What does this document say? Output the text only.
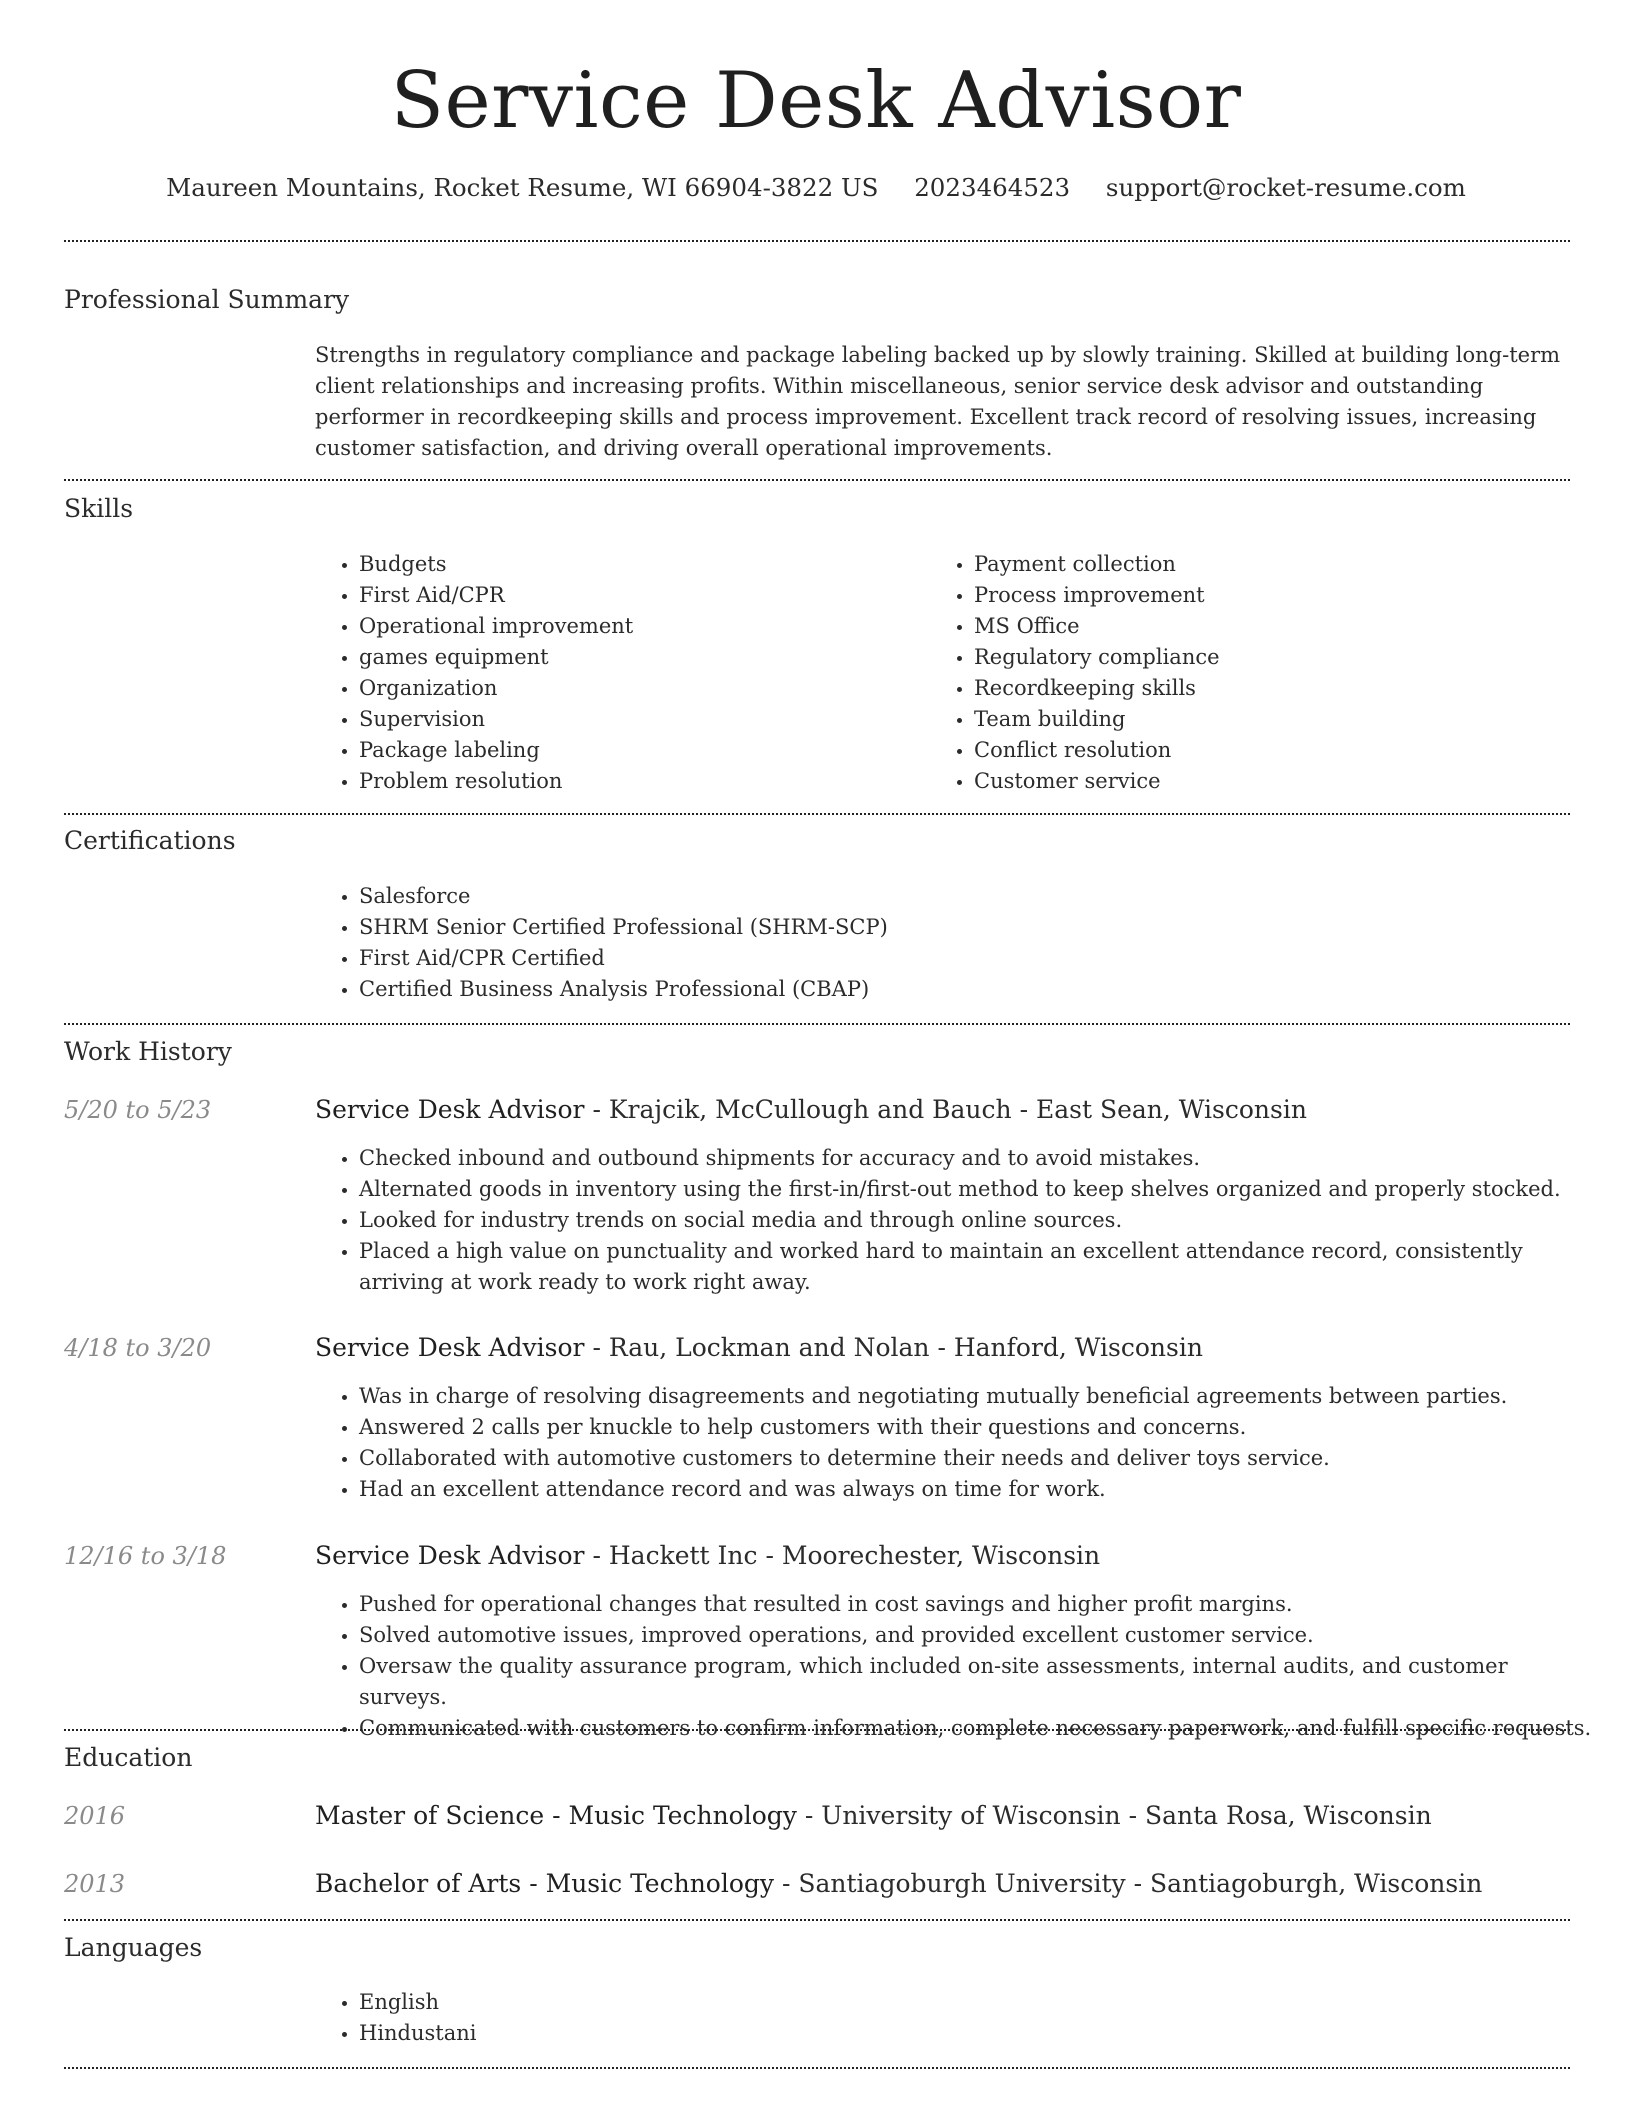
Service Desk Advisor
Maureen Mountains, Rocket Resume, WI 66904-3822 US 2023464523 support@rocket-resume.com
Professional Summary
Strengths in regulatory compliance and package labeling backed up by slowly training. Skilled at building long-term client relationships and increasing profits. Within miscellaneous, senior service desk advisor and outstanding performer in recordkeeping skills and process improvement. Excellent track record of resolving issues, increasing customer satisfaction, and driving overall operational improvements.
Skills
• Budgets
• First Aid/CPR
• Operational improvement
• games equipment
• Organization
• Supervision
• Package labeling
• Problem resolution
• Payment collection
• Process improvement
• MS Office
• Regulatory compliance
• Recordkeeping skills
• Team building
• Conflict resolution
• Customer service
Certifications
• Salesforce
• SHRM Senior Certified Professional (SHRM-SCP)
• First Aid/CPR Certified
• Certified Business Analysis Professional (CBAP)
Work History
5/20 to 5/23	Service Desk Advisor - Krajcik, McCullough and Bauch - East Sean, Wisconsin
• Checked inbound and outbound shipments for accuracy and to avoid mistakes.
• Alternated goods in inventory using the first-in/first-out method to keep shelves organized and properly stocked.
• Looked for industry trends on social media and through online sources.
• Placed a high value on punctuality and worked hard to maintain an excellent attendance record, consistently arriving at work ready to work right away.
4/18 to 3/20	Service Desk Advisor - Rau, Lockman and Nolan - Hanford, Wisconsin
• Was in charge of resolving disagreements and negotiating mutually beneficial agreements between parties.
• Answered 2 calls per knuckle to help customers with their questions and concerns.
• Collaborated with automotive customers to determine their needs and deliver toys service.
• Had an excellent attendance record and was always on time for work.
12/16 to 3/18	Service Desk Advisor - Hackett Inc - Moorechester, Wisconsin
• Pushed for operational changes that resulted in cost savings and higher profit margins.
• Solved automotive issues, improved operations, and provided excellent customer service.
• Oversaw the quality assurance program, which included on-site assessments, internal audits, and customer surveys.
• Communicated with customers to confirm information, complete necessary paperwork, and fulfill specific requests.
Education
2016	Master of Science - Music Technology - University of Wisconsin - Santa Rosa, Wisconsin
2013	Bachelor of Arts - Music Technology - Santiagoburgh University - Santiagoburgh, Wisconsin
Languages
• English
• Hindustani
